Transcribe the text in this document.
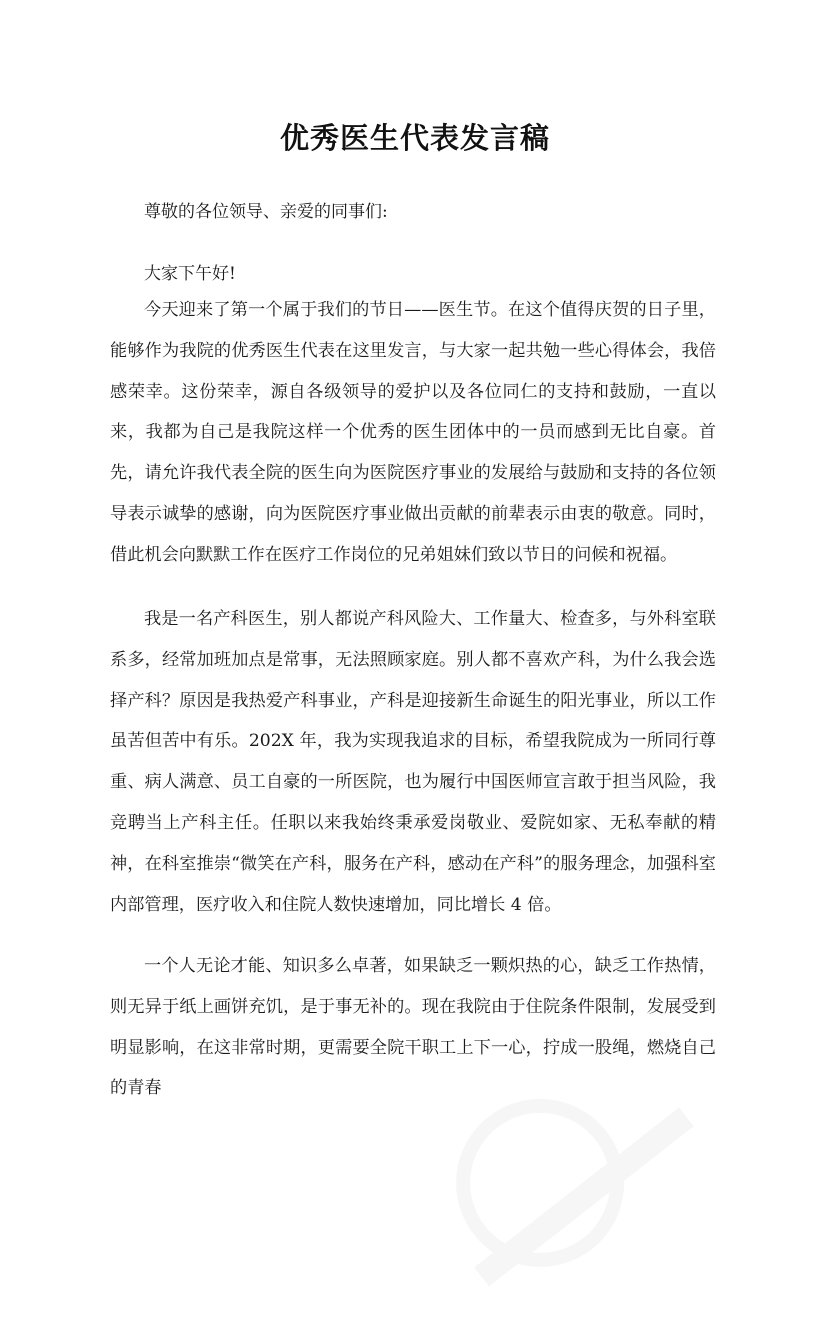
优秀医生代表发言稿
尊敬的各位领导、亲爱的同事们:
大家下午好!

今天迎来了第一个属于我们的节日——医生节。在这个值得庆贺的日子里，能够作为我院的优秀医生代表在这里发言，与大家一起共勉一些心得体会，我倍感荣幸。这份荣幸，源自各级领导的爱护以及各位同仁的支持和鼓励，一直以来，我都为自己是我院这样一个优秀的医生团体中的一员而感到无比自豪。首先，请允许我代表全院的医生向为医院医疗事业的发展给与鼓励和支持的各位领导表示诚挚的感谢，向为医院医疗事业做出贡献的前辈表示由衷的敬意。同时，借此机会向默默工作在医疗工作岗位的兄弟姐妹们致以节日的问候和祝福。

我是一名产科医生，别人都说产科风险大、工作量大、检查多，与外科室联系多，经常加班加点是常事，无法照顾家庭。别人都不喜欢产科，为什么我会选择产科？原因是我热爱产科事业，产科是迎接新生命诞生的阳光事业，所以工作虽苦但苦中有乐。202X 年，我为实现我追求的目标，希望我院成为一所同行尊重、病人满意、员工自豪的一所医院，也为履行中国医师宣言敢于担当风险，我竞聘当上产科主任。任职以来我始终秉承爱岗敬业、爱院如家、无私奉献的精神，在科室推崇“微笑在产科，服务在产科，感动在产科”的服务理念，加强科室内部管理，医疗收入和住院人数快速增加，同比增长 4 倍。

一个人无论才能、知识多么卓著，如果缺乏一颗炽热的心，缺乏工作热情，则无异于纸上画饼充饥，是于事无补的。现在我院由于住院条件限制，发展受到明显影响，在这非常时期，更需要全院干职工上下一心，拧成一股绳，燃烧自己的青春
